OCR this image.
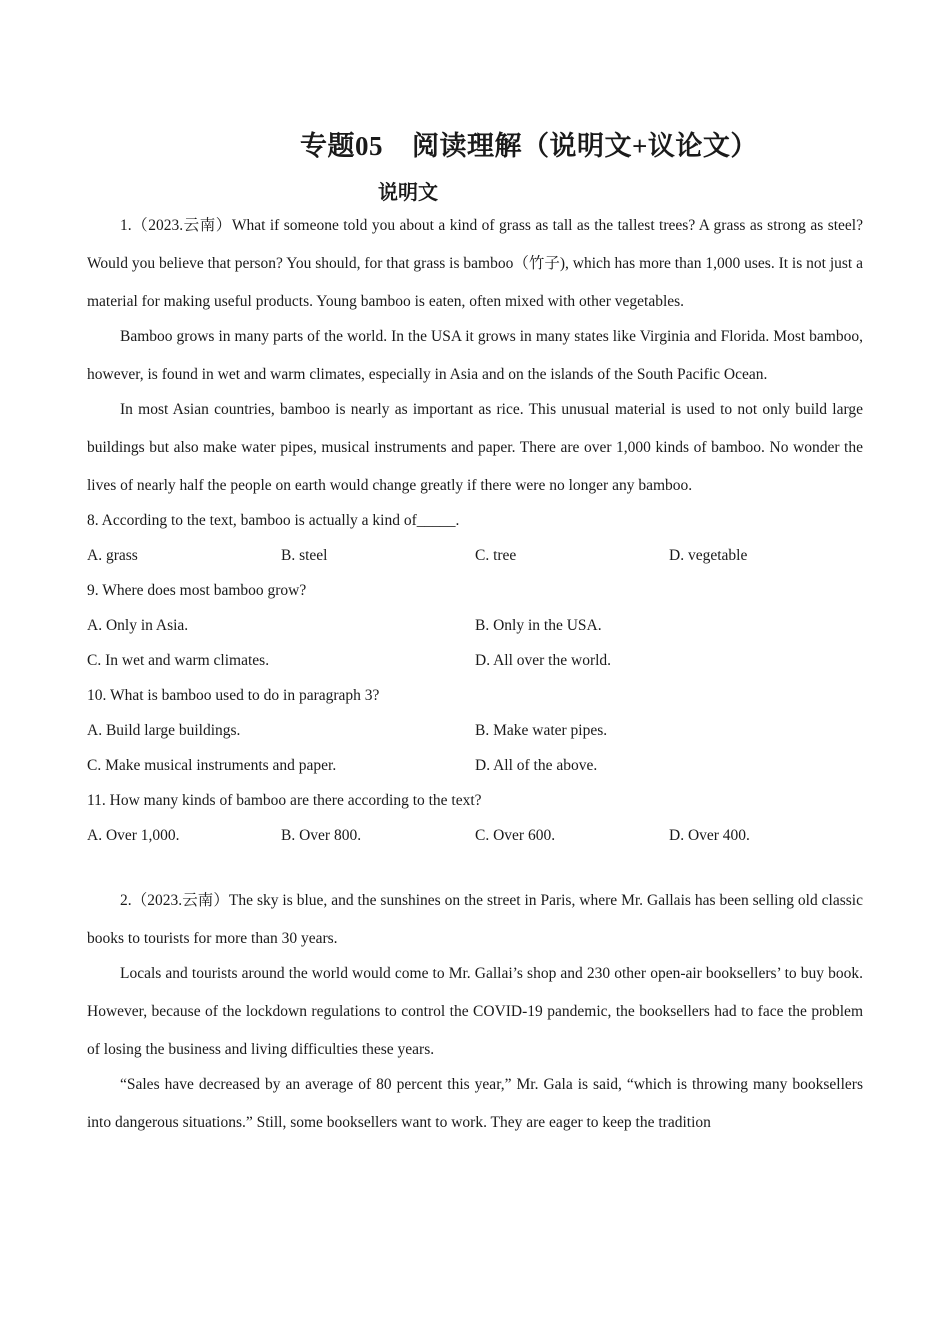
专题05    阅读理解（说明文+议论文）
说明文

1.（2023.云南）What if someone told you about a kind of grass as tall as the tallest trees? A grass as strong as steel? Would you believe that person? You should, for that grass is bamboo（竹子), which has more than 1,000 uses. It is not just a material for making useful products. Young bamboo is eaten, often mixed with other vegetables.

Bamboo grows in many parts of the world. In the USA it grows in many states like Virginia and Florida. Most bamboo, however, is found in wet and warm climates, especially in Asia and on the islands of the South Pacific Ocean.

In most Asian countries, bamboo is nearly as important as rice. This unusual material is used to not only build large buildings but also make water pipes, musical instruments and paper. There are over 1,000 kinds of bamboo. No wonder the lives of nearly half the people on earth would change greatly if there were no longer any bamboo.

8. According to the text, bamboo is actually a kind of_____.

A. grass	B. steel	C. tree	D. vegetable

9. Where does most bamboo grow?

A. Only in Asia.	B. Only in the USA.
C. In wet and warm climates.	D. All over the world.

10. What is bamboo used to do in paragraph 3?

A. Build large buildings.	B. Make water pipes.
C. Make musical instruments and paper.	D. All of the above.

11. How many kinds of bamboo are there according to the text?

A. Over 1,000.	B. Over 800.	C. Over 600.	D. Over 400.

2.（2023.云南）The sky is blue, and the sunshines on the street in Paris, where Mr. Gallais has been selling old classic books to tourists for more than 30 years.

Locals and tourists around the world would come to Mr. Gallai’s shop and 230 other open-air booksellers’ to buy book. However, because of the lockdown regulations to control the COVID-19 pandemic, the booksellers had to face the problem of losing the business and living difficulties these years.

“Sales have decreased by an average of 80 percent this year,” Mr. Gala is said, “which is throwing many booksellers into dangerous situations.” Still, some booksellers want to work. They are eager to keep the tradition
